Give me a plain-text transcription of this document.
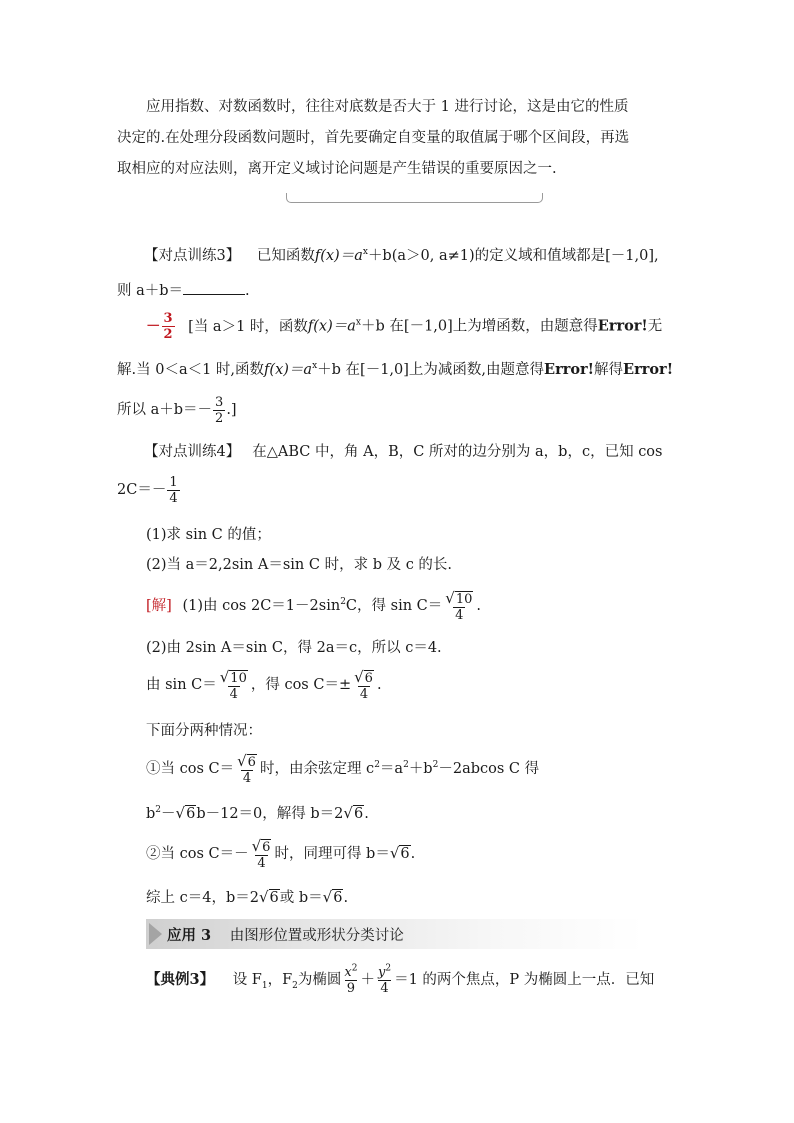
应用指数、对数函数时，往往对底数是否大于 1 进行讨论，这是由它的性质
决定的.在处理分段函数问题时，首先要确定自变量的取值属于哪个区间段，再选
取相应的对应法则，离开定义域讨论问题是产生错误的重要原因之一.
【对点训练3】 已知函数$f(x)=a^x+b(a>0$, a≠1)的定义域和值域都是[－1,0],
则 a＋b＝	.
－ $\frac{3}{2}$ [当 a＞1 时，函数$f(x)=a^x+b$ 在[－1,0]上为增函数，由题意得Error!无
解.当 0＜a＜1 时,函数$f(x)=a^x+b$ 在[－1,0]上为减函数,由题意得Error!解得Error!
所以 $a+b=- \frac{3}{2}$ .]
【对点训练4】 在△ABC 中，角 A，B，C 所对的边分别为 a，b，c，已知 cos
$2C=- \frac{1}{4}$
(1)求 sin C 的值；
(2)当 a＝2,2sin A＝sin C 时，求 b 及 c 的长.
[解] (1)由 $\cos 2C=1-2\sin^2C$，得 $\sin C= \frac{√10}{4}$ .
(2)由 2sin A＝sin C，得 2a＝c，所以 c＝4.
由 $\sin C= \frac{√10}{4}$ ，得 $\cos C=\pm \frac{√6}{4}$ .
下面分两种情况：
①当 $\cos C= \frac{√6}{4}$ 时，由余弦定理 $c^2=a^2+b^2-2abcos$ C 得
$b^2-√6b-12=0$，解得 b＝2√6.
②当 $\cos C=- \frac{√6}{4}$ 时，同理可得 b＝√6.
综上 c＝4，b＝2√6或 b＝√6.
应用 3 由图形位置或形状分类讨论
【典例3】 设 $F_1$，$F_2$为椭圆 $\frac{x^2}{9} + \frac{y^2}{4} =1$ 的两个焦点，P 为椭圆上一点．已知
